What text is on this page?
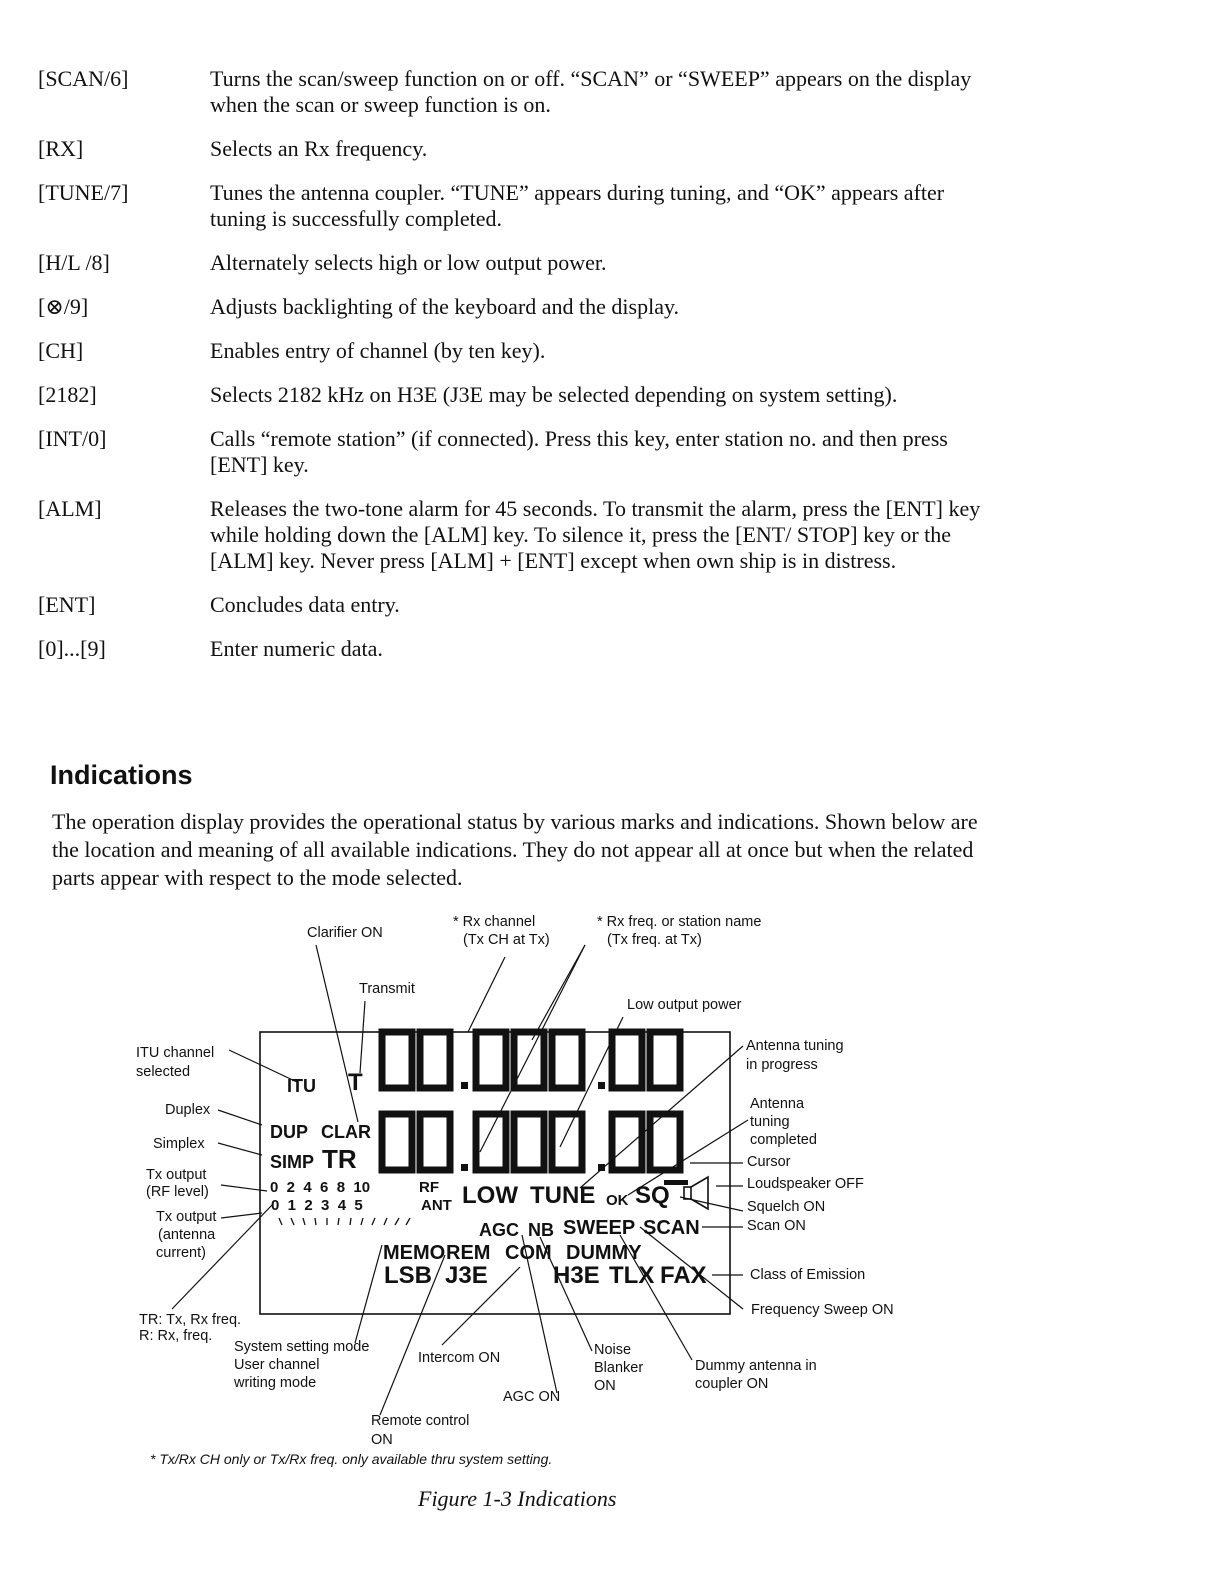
[SCAN/6]	Turns the scan/sweep function on or off. “SCAN” or “SWEEP” appears on the display when the scan or sweep function is on.
[RX]	Selects an Rx frequency.
[TUNE/7]	Tunes the antenna coupler. “TUNE” appears during tuning, and “OK” appears after tuning is successfully completed.
[H/L /8]	Alternately selects high or low output power.
[⊗/9]	Adjusts backlighting of the keyboard and the display.
[CH]	Enables entry of channel (by ten key).
[2182]	Selects 2182 kHz on H3E (J3E may be selected depending on system setting).
[INT/0]	Calls “remote station” (if connected). Press this key, enter station no. and then press [ENT] key.
[ALM]	Releases the two-tone alarm for 45 seconds. To transmit the alarm, press the [ENT] key while holding down the [ALM] key. To silence it, press the [ENT/ STOP] key or the [ALM] key. Never press [ALM] + [ENT] except when own ship is in distress.
[ENT]	Concludes data entry.
[0]...[9]	Enter numeric data.
Indications

The operation display provides the operational status by various marks and indications. Shown below are the location and meaning of all available indications. They do not appear all at once but when the related parts appear with respect to the mode selected.

ITU T
DUP CLAR
SIMP TR
0  2  4  6  8  10	RF
0  1  2  3  4  5	ANT LOW TUNE OK SQ
AGC NB SWEEP SCAN
MEMO REM COM DUMMY
LSB J3E	H3E TLX FAX
Clarifier ON
* Rx channel
(Tx CH at Tx)
* Rx freq. or station name
(Tx freq. at Tx)
Transmit
Low output power
ITU channel
selected
Antenna tuning
in progress
Duplex
Simplex
Antenna
tuning
completed
Cursor
Tx output
(RF level)	Loudspeaker OFF
Squelch ON
Tx output
(antenna
current)
Scan ON
Class of Emission
Frequency Sweep ON
TR: Tx, Rx freq.
R: Rx, freq.
System setting mode
User channel
writing mode
Intercom ON	Noise
Blanker
ON
Dummy antenna in
coupler ON
AGC ON
Remote control
ON
* Tx/Rx CH only or Tx/Rx freq. only available thru system setting.
Figure 1-3 Indications
